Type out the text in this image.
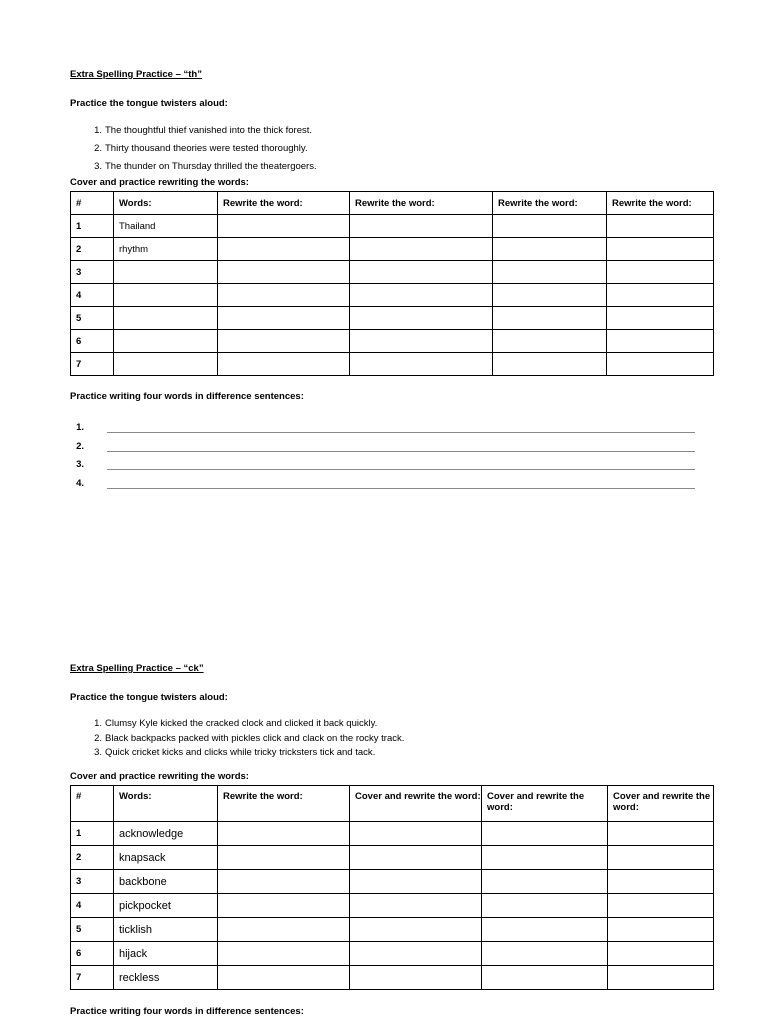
Extra Spelling Practice – “th”
Practice the tongue twisters aloud:
1. The thoughtful thief vanished into the thick forest.
2. Thirty thousand theories were tested thoroughly.
3. The thunder on Thursday thrilled the theatergoers.
Cover and practice rewriting the words:
#	Words:	Rewrite the word:	Rewrite the word:	Rewrite the word:	Rewrite the word:
1	Thailand				
2	rhythm				
3					
4					
5					
6					
7					
Practice writing four words in difference sentences:
1.
2.
3.
4.
Extra Spelling Practice – “ck”
Practice the tongue twisters aloud:
1. Clumsy Kyle kicked the cracked clock and clicked it back quickly.
2. Black backpacks packed with pickles click and clack on the rocky track.
3. Quick cricket kicks and clicks while tricky tricksters tick and tack.
Cover and practice rewriting the words:
#	Words:	Rewrite the word:	Cover and rewrite the word:	Cover and rewrite the word:	Cover and rewrite the word:
1	acknowledge				
2	knapsack				
3	backbone				
4	pickpocket				
5	ticklish				
6	hijack				
7	reckless				
Practice writing four words in difference sentences:
